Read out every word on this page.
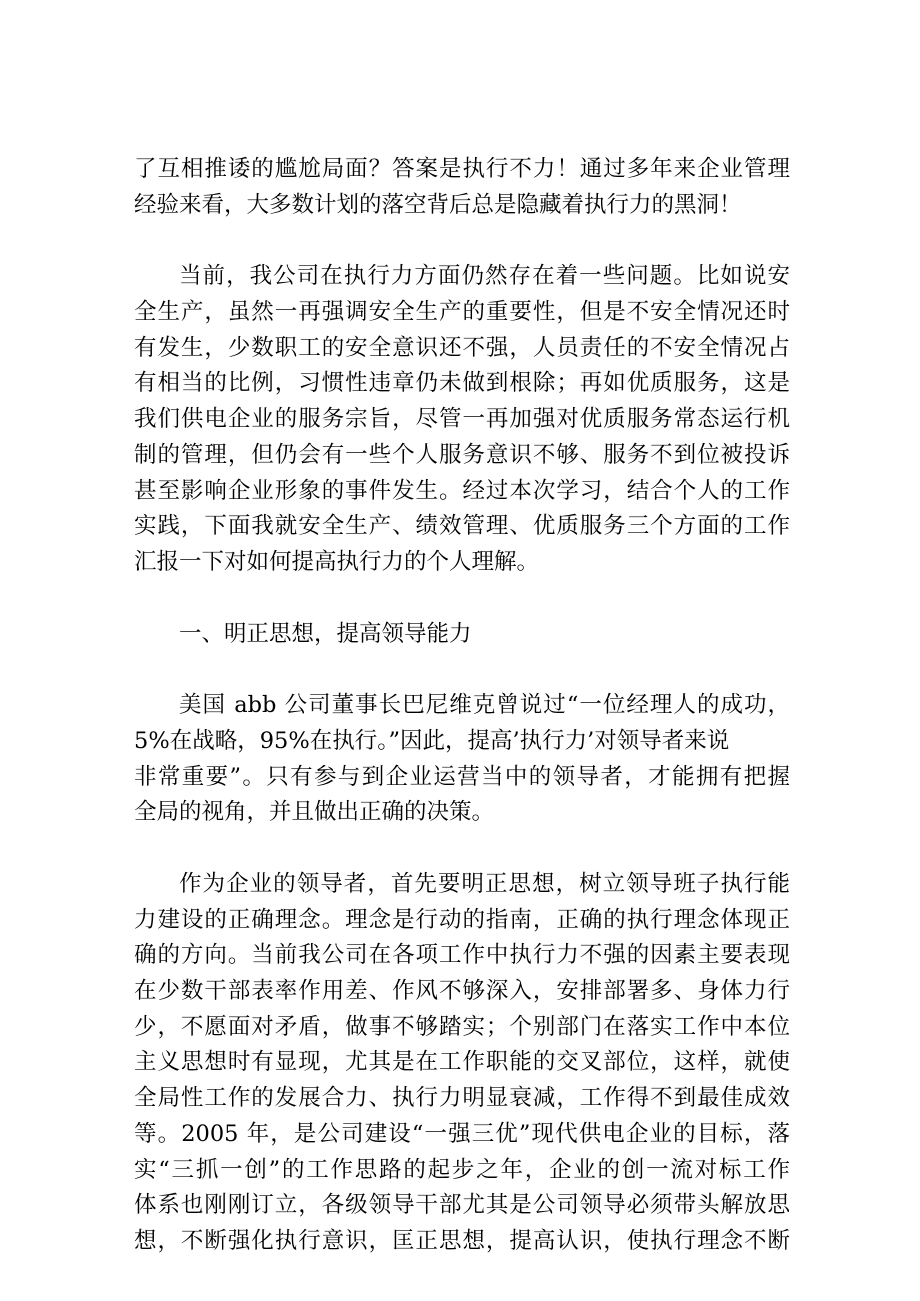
了互相推诿的尴尬局面？答案是执行不力！通过多年来企业管理
经验来看，大多数计划的落空背后总是隐藏着执行力的黑洞！
当前，我公司在执行力方面仍然存在着一些问题。比如说安
全生产，虽然一再强调安全生产的重要性，但是不安全情况还时
有发生，少数职工的安全意识还不强，人员责任的不安全情况占
有相当的比例，习惯性违章仍未做到根除；再如优质服务，这是
我们供电企业的服务宗旨，尽管一再加强对优质服务常态运行机
制的管理，但仍会有一些个人服务意识不够、服务不到位被投诉
甚至影响企业形象的事件发生。经过本次学习，结合个人的工作
实践，下面我就安全生产、绩效管理、优质服务三个方面的工作
汇报一下对如何提高执行力的个人理解。
一、明正思想，提高领导能力
美国 abb 公司董事长巴尼维克曾说过“一位经理人的成功，
5%在战略，95%在执行。”因此，提高’执行力’对领导者来说
非常重要”。只有参与到企业运营当中的领导者，才能拥有把握
全局的视角，并且做出正确的决策。
作为企业的领导者，首先要明正思想，树立领导班子执行能
力建设的正确理念。理念是行动的指南，正确的执行理念体现正
确的方向。当前我公司在各项工作中执行力不强的因素主要表现
在少数干部表率作用差、作风不够深入，安排部署多、身体力行
少，不愿面对矛盾，做事不够踏实；个别部门在落实工作中本位
主义思想时有显现，尤其是在工作职能的交叉部位，这样，就使
全局性工作的发展合力、执行力明显衰减，工作得不到最佳成效
等。2005 年，是公司建设“一强三优”现代供电企业的目标，落
实“三抓一创”的工作思路的起步之年，企业的创一流对标工作
体系也刚刚订立，各级领导干部尤其是公司领导必须带头解放思
想，不断强化执行意识，匡正思想，提高认识，使执行理念不断
